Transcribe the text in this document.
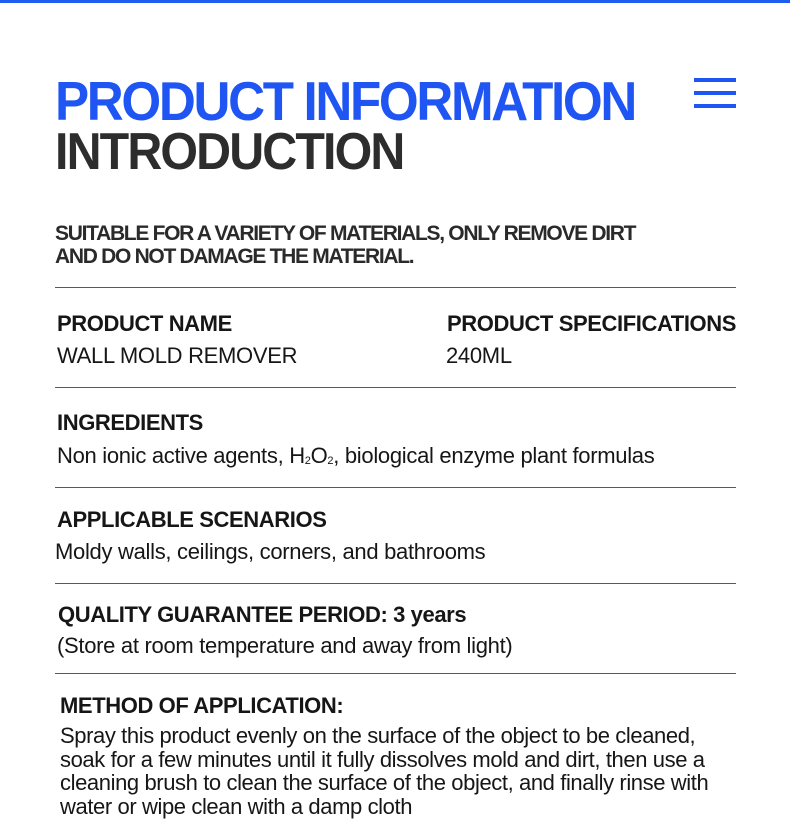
PRODUCT INFORMATION
INTRODUCTION

SUITABLE FOR A VARIETY OF MATERIALS, ONLY REMOVE DIRT AND DO NOT DAMAGE THE MATERIAL.

PRODUCT NAME

WALL MOLD REMOVER

PRODUCT SPECIFICATIONS

240ML

INGREDIENTS

Non ionic active agents, $H_2O_2$, biological enzyme plant formulas

APPLICABLE SCENARIOS

Moldy walls, ceilings, corners, and bathrooms

QUALITY GUARANTEE PERIOD: 3 years

(Store at room temperature and away from light)

METHOD OF APPLICATION:

Spray this product evenly on the surface of the object to be cleaned, soak for a few minutes until it fully dissolves mold and dirt, then use a cleaning brush to clean the surface of the object, and finally rinse with water or wipe clean with a damp cloth
